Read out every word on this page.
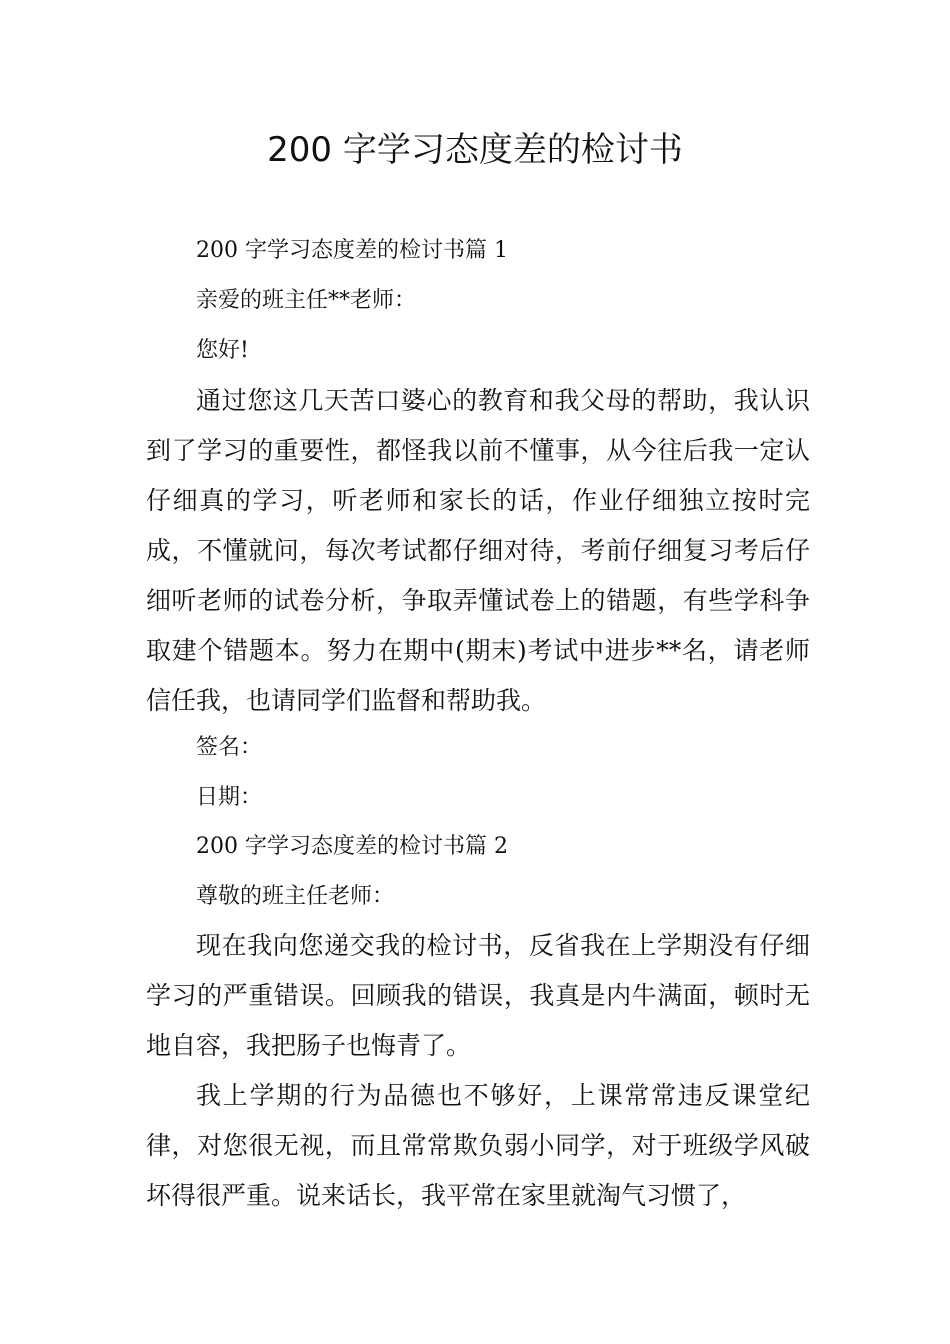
200 字学习态度差的检讨书
200 字学习态度差的检讨书篇 1
亲爱的班主任**老师：
您好!

通过您这几天苦口婆心的教育和我父母的帮助，我认识到了学习的重要性，都怪我以前不懂事，从今往后我一定认仔细真的学习，听老师和家长的话，作业仔细独立按时完成，不懂就问，每次考试都仔细对待，考前仔细复习考后仔细听老师的试卷分析，争取弄懂试卷上的错题，有些学科争取建个错题本。努力在期中(期末)考试中进步**名，请老师信任我，也请同学们监督和帮助我。

签名：
日期：
200 字学习态度差的检讨书篇 2
尊敬的班主任老师：

现在我向您递交我的检讨书，反省我在上学期没有仔细学习的严重错误。回顾我的错误，我真是内牛满面，顿时无地自容，我把肠子也悔青了。

我上学期的行为品德也不够好，上课常常违反课堂纪律，对您很无视，而且常常欺负弱小同学，对于班级学风破坏得很严重。说来话长，我平常在家里就淘气习惯了，
